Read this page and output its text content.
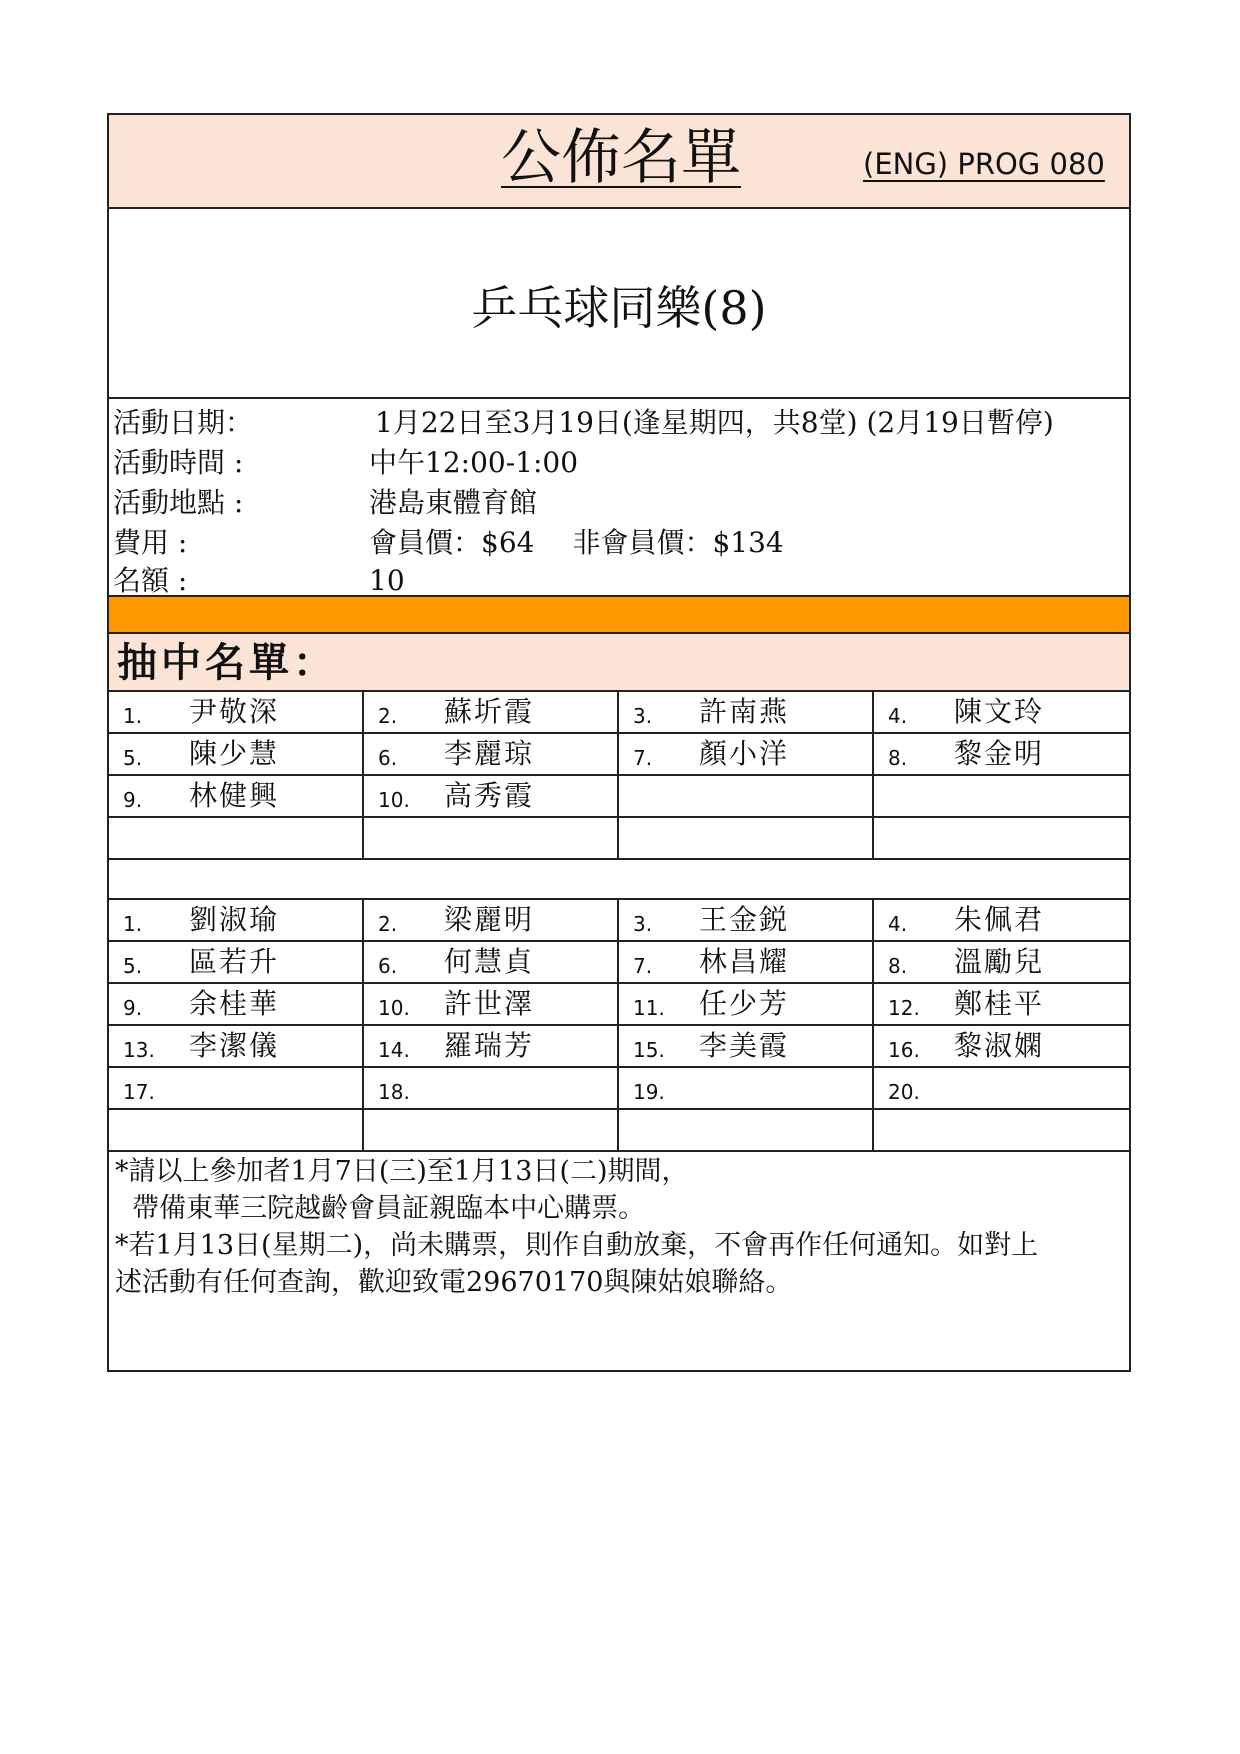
公佈名單	(ENG) PROG 080
乒乓球同樂(8)
活動日期：	1月22日至3月19日(逢星期四，共8堂) (2月19日暫停)
活動時間 :	中午12:00-1:00
活動地點 :	港島東體育館
費用 :	會員價：$64 非會員價：$134
名額 :	10
抽中名單：
1. 尹敬深	2. 蘇圻霞	3. 許南燕	4. 陳文玲
5. 陳少慧	6. 李麗琼	7. 顏小洋	8. 黎金明
9. 林健興	10. 高秀霞
1. 劉淑瑜	2. 梁麗明	3. 王金鋭	4. 朱佩君
5. 區若升	6. 何慧貞	7. 林昌耀	8. 溫勵兒
9. 余桂華	10. 許世澤	11. 任少芳	12. 鄭桂平
13. 李潔儀	14. 羅瑞芳	15. 李美霞	16. 黎淑嫻
17.	18.	19.	20.
*請以上參加者1月7日(三)至1月13日(二)期間，
帶備東華三院越齡會員証親臨本中心購票。
*若1月13日(星期二)，尚未購票，則作自動放棄，不會再作任何通知。如對上
述活動有任何查詢，歡迎致電29670170與陳姑娘聯絡。
